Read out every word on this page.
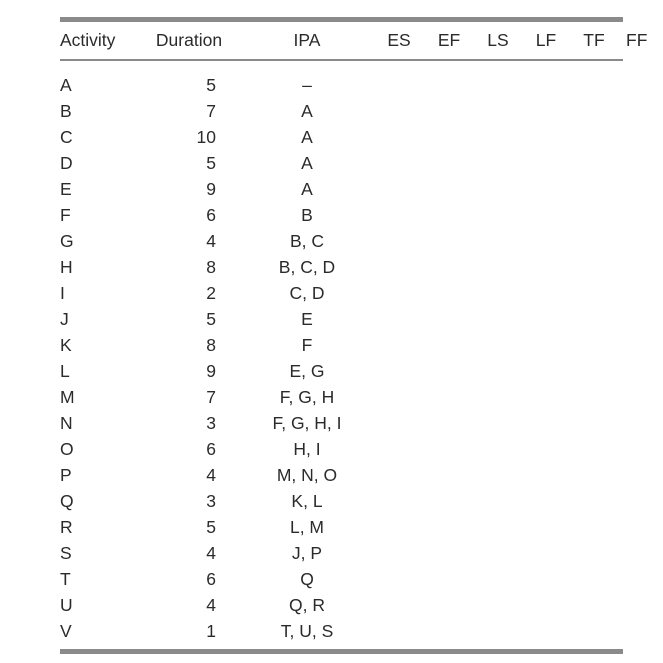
Activity	Duration	IPA	ES	EF	LS	LF	TF	FF
A	5	–						
B	7	A						
C	10	A						
D	5	A						
E	9	A						
F	6	B						
G	4	B, C						
H	8	B, C, D						
I	2	C, D						
J	5	E						
K	8	F						
L	9	E, G						
M	7	F, G, H						
N	3	F, G, H, I						
O	6	H, I						
P	4	M, N, O						
Q	3	K, L						
R	5	L, M						
S	4	J, P						
T	6	Q						
U	4	Q, R						
V	1	T, U, S						
